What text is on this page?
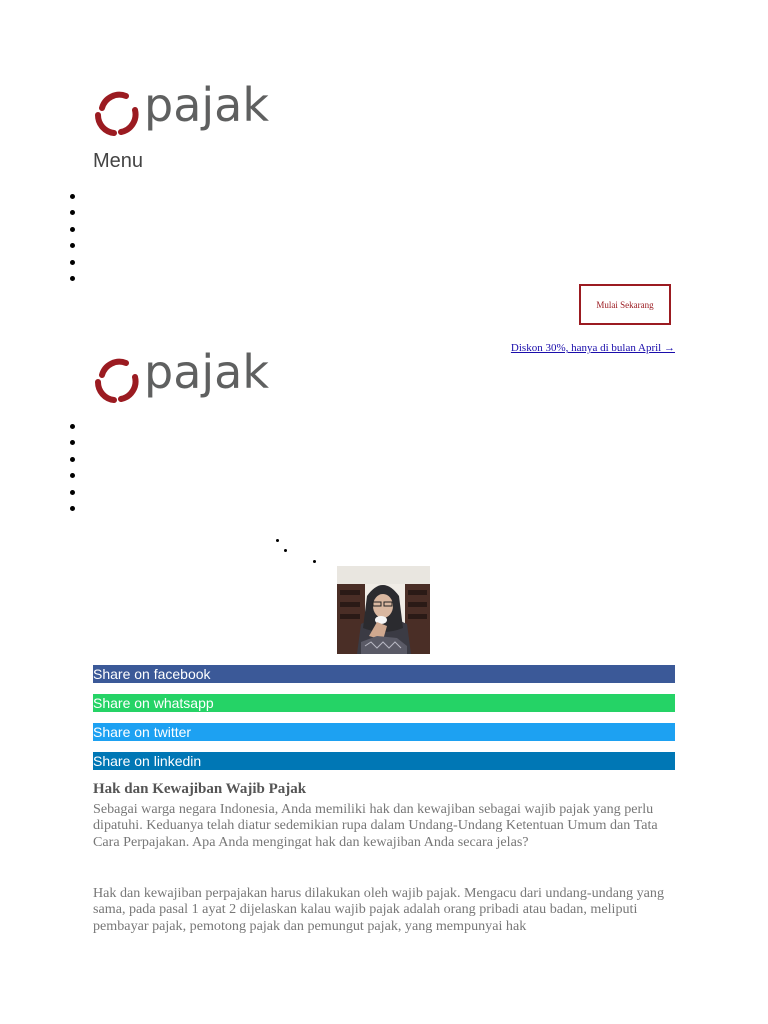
pajak
Menu
Mulai Sekarang
Diskon 30%, hanya di bulan April →
pajak
Share on facebook
Share on whatsapp
Share on twitter
Share on linkedin
Hak dan Kewajiban Wajib Pajak

Sebagai warga negara Indonesia, Anda memiliki hak dan kewajiban sebagai wajib pajak yang perlu dipatuhi. Keduanya telah diatur sedemikian rupa dalam Undang-Undang Ketentuan Umum dan Tata Cara Perpajakan. Apa Anda mengingat hak dan kewajiban Anda secara jelas?

Hak dan kewajiban perpajakan harus dilakukan oleh wajib pajak. Mengacu dari undang-undang yang sama, pada pasal 1 ayat 2 dijelaskan kalau wajib pajak adalah orang pribadi atau badan, meliputi pembayar pajak, pemotong pajak dan pemungut pajak, yang mempunyai hak
